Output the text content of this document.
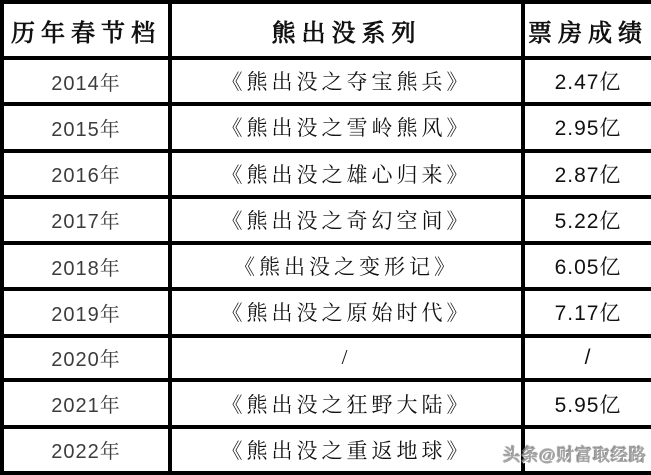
历年春节档	熊出没系列	票房成绩
2014年	《熊出没之夺宝熊兵》	2.47亿
2015年	《熊出没之雪岭熊风》	2.95亿
2016年	《熊出没之雄心归来》	2.87亿
2017年	《熊出没之奇幻空间》	5.22亿
2018年	《熊出没之变形记》	6.05亿
2019年	《熊出没之原始时代》	7.17亿
2020年	/	/
2021年	《熊出没之狂野大陆》	5.95亿
2022年	《熊出没之重返地球》	头条@财富取经路
